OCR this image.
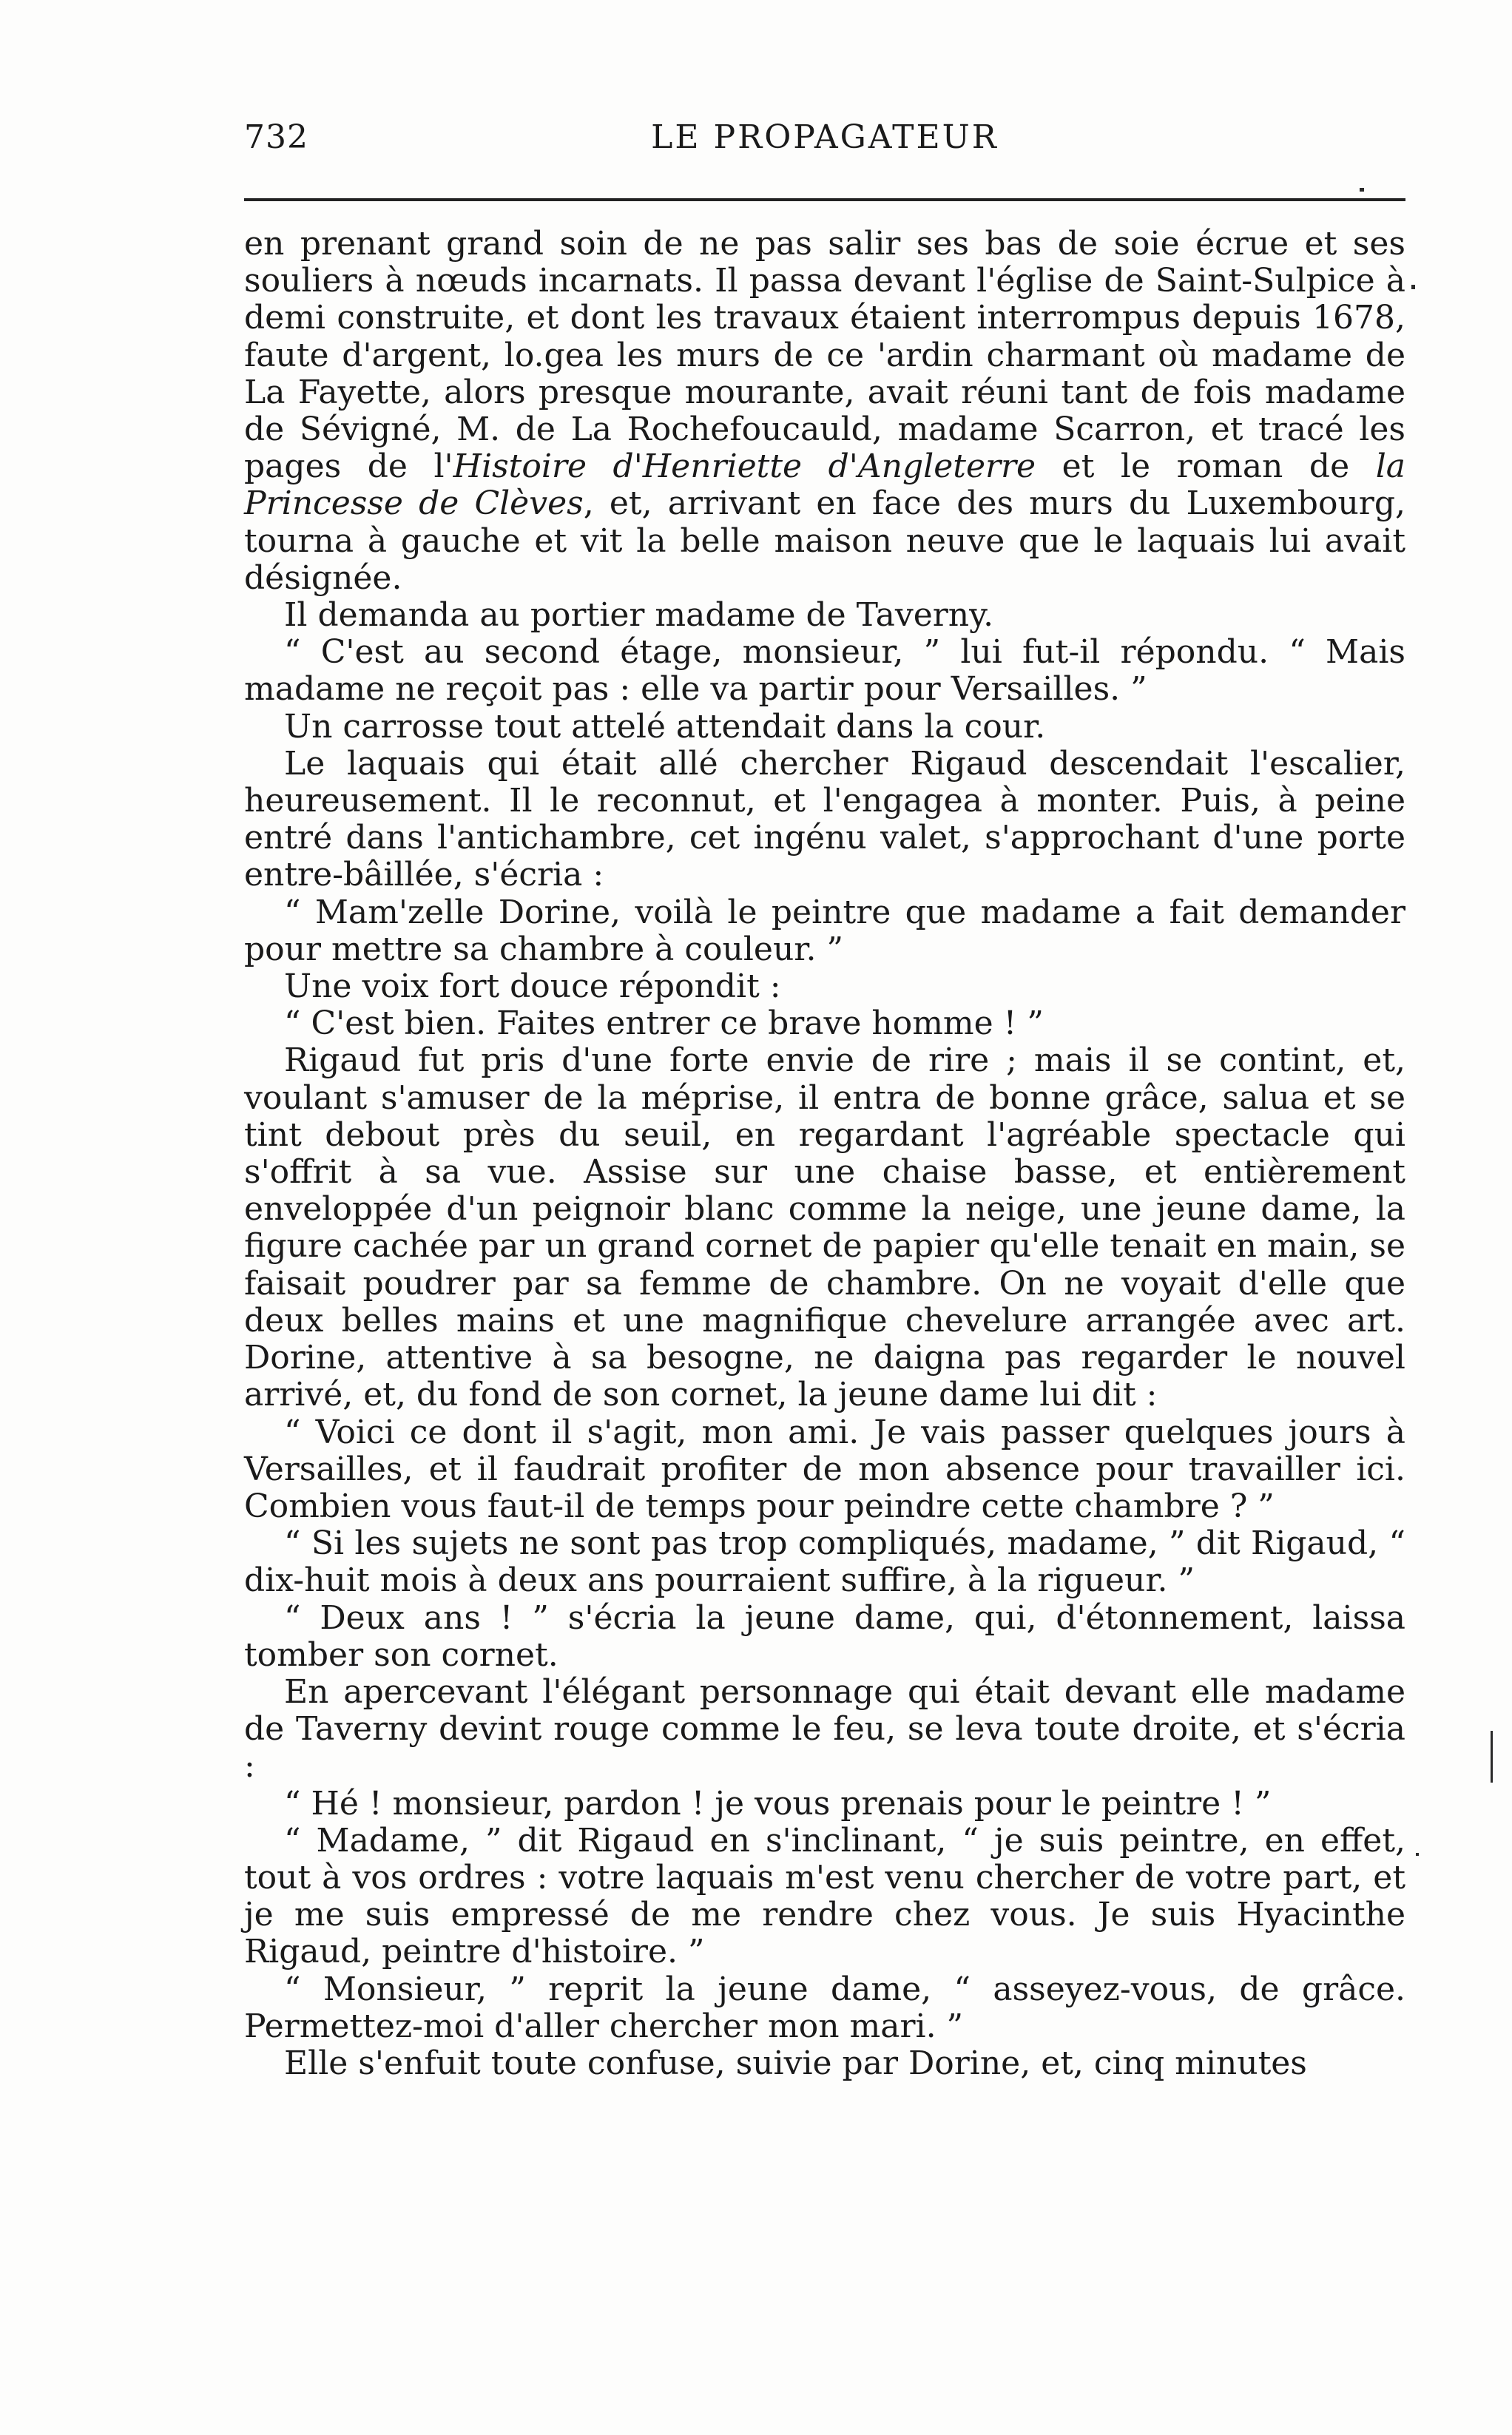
732	LE PROPAGATEUR

en prenant grand soin de ne pas salir ses bas de soie écrue et ses souliers à nœuds incarnats. Il passa devant l'église de Saint-Sulpice à demi construite, et dont les travaux étaient interrompus depuis 1678, faute d'argent, lo.gea les murs de ce 'ardin charmant où madame de La Fayette, alors presque mourante, avait réuni tant de fois madame de Sévigné, M. de La Rochefoucauld, madame Scarron, et tracé les pages de l'Histoire d'Henriette d'Angleterre et le roman de la Princesse de Clèves, et, arrivant en face des murs du Luxembourg, tourna à gauche et vit la belle maison neuve que le laquais lui avait désignée.

Il demanda au portier madame de Taverny.

“ C'est au second étage, monsieur, ” lui fut-il répondu. “ Mais madame ne reçoit pas : elle va partir pour Versailles. ”

Un carrosse tout attelé attendait dans la cour.

Le laquais qui était allé chercher Rigaud descendait l'escalier, heureusement. Il le reconnut, et l'engagea à monter. Puis, à peine entré dans l'antichambre, cet ingénu valet, s'approchant d'une porte entre-bâillée, s'écria :

“ Mam'zelle Dorine, voilà le peintre que madame a fait demander pour mettre sa chambre à couleur. ”

Une voix fort douce répondit :

“ C'est bien. Faites entrer ce brave homme ! ”

Rigaud fut pris d'une forte envie de rire ; mais il se contint, et, voulant s'amuser de la méprise, il entra de bonne grâce, salua et se tint debout près du seuil, en regardant l'agréable spectacle qui s'offrit à sa vue. Assise sur une chaise basse, et entièrement enveloppée d'un peignoir blanc comme la neige, une jeune dame, la figure cachée par un grand cornet de papier qu'elle tenait en main, se faisait poudrer par sa femme de chambre. On ne voyait d'elle que deux belles mains et une magnifique chevelure arrangée avec art. Dorine, attentive à sa besogne, ne daigna pas regarder le nouvel arrivé, et, du fond de son cornet, la jeune dame lui dit :

“ Voici ce dont il s'agit, mon ami. Je vais passer quelques jours à Versailles, et il faudrait profiter de mon absence pour travailler ici. Combien vous faut-il de temps pour peindre cette chambre ? ”

“ Si les sujets ne sont pas trop compliqués, madame, ” dit Rigaud, “ dix-huit mois à deux ans pourraient suffire, à la rigueur. ”

“ Deux ans ! ” s'écria la jeune dame, qui, d'étonnement, laissa tomber son cornet.

En apercevant l'élégant personnage qui était devant elle madame de Taverny devint rouge comme le feu, se leva toute droite, et s'écria :

“ Hé ! monsieur, pardon ! je vous prenais pour le peintre ! ”

“ Madame, ” dit Rigaud en s'inclinant, “ je suis peintre, en effet, tout à vos ordres : votre laquais m'est venu chercher de votre part, et je me suis empressé de me rendre chez vous. Je suis Hyacinthe Rigaud, peintre d'histoire. ”

“ Monsieur, ” reprit la jeune dame, “ asseyez-vous, de grâce. Permettez-moi d'aller chercher mon mari. ”

Elle s'enfuit toute confuse, suivie par Dorine, et, cinq minutes
